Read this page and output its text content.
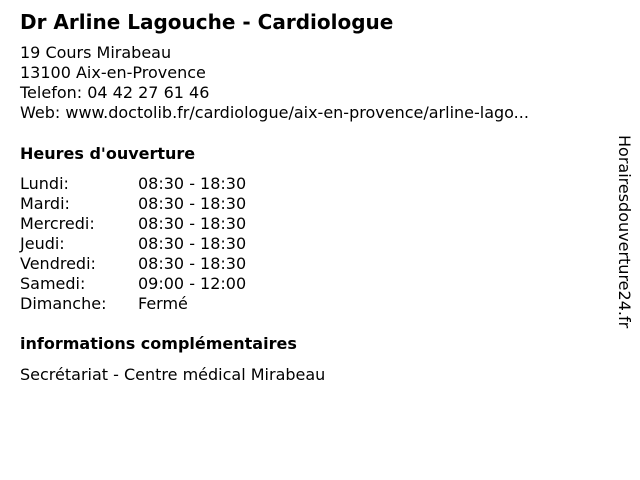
Dr Arline Lagouche - Cardiologue
19 Cours Mirabeau
13100 Aix-en-Provence
Telefon: 04 42 27 61 46
Web: www.doctolib.fr/cardiologue/aix-en-provence/arline-lago...
Heures d'ouverture
Lundi:	08:30 - 18:30
Mardi:	08:30 - 18:30
Mercredi:	08:30 - 18:30
Jeudi:	08:30 - 18:30
Vendredi:	08:30 - 18:30
Samedi:	09:00 - 12:00
Dimanche:	Fermé
informations complémentaires
Secrétariat - Centre médical Mirabeau
Horairesdouverture24.fr
